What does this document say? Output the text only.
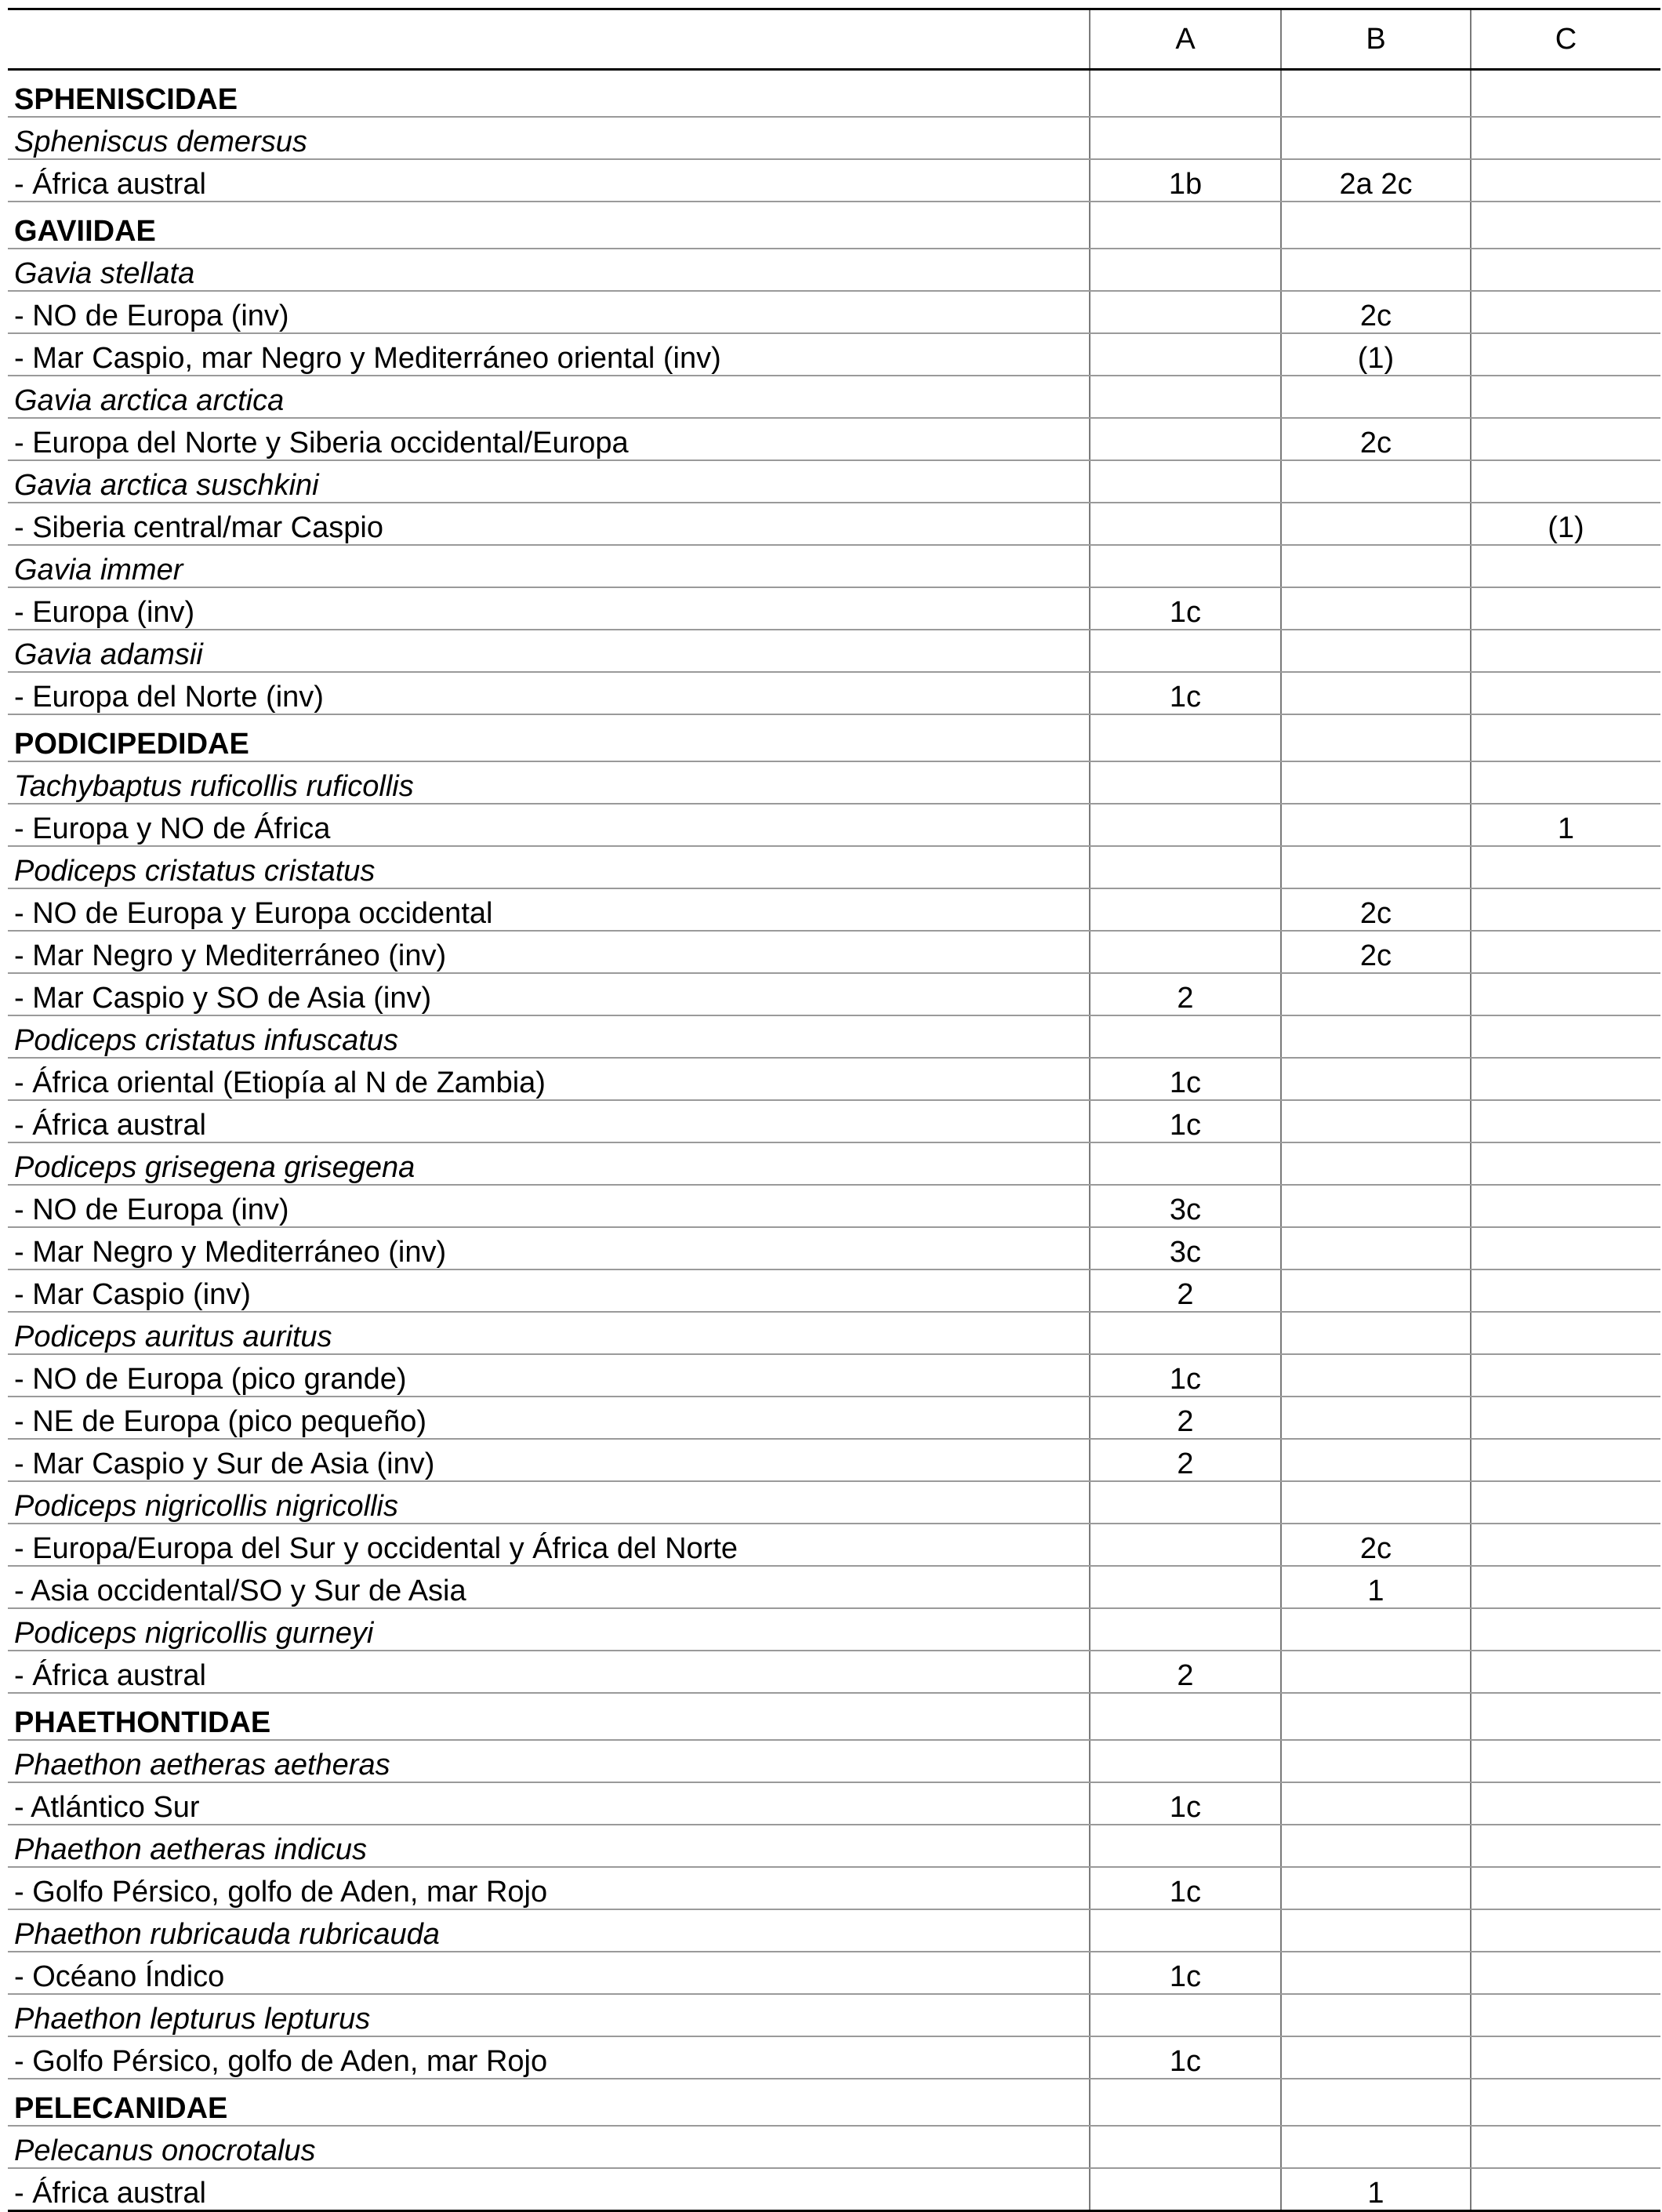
	A	B	C
SPHENISCIDAE			
Spheniscus demersus			
- África austral	1b	2a 2c	
GAVIIDAE			
Gavia stellata			
- NO de Europa (inv)		2c	
- Mar Caspio, mar Negro y Mediterráneo oriental (inv)		(1)	
Gavia arctica arctica			
- Europa del Norte y Siberia occidental/Europa		2c	
Gavia arctica suschkini			
- Siberia central/mar Caspio			(1)
Gavia immer			
- Europa (inv)	1c		
Gavia adamsii			
- Europa del Norte (inv)	1c		
PODICIPEDIDAE			
Tachybaptus ruficollis ruficollis			
- Europa y NO de África			1
Podiceps cristatus cristatus			
- NO de Europa y Europa occidental		2c	
- Mar Negro y Mediterráneo (inv)		2c	
- Mar Caspio y SO de Asia (inv)	2		
Podiceps cristatus infuscatus			
- África oriental (Etiopía al N de Zambia)	1c		
- África austral	1c		
Podiceps grisegena grisegena			
- NO de Europa (inv)	3c		
- Mar Negro y Mediterráneo (inv)	3c		
- Mar Caspio (inv)	2		
Podiceps auritus auritus			
- NO de Europa (pico grande)	1c		
- NE de Europa (pico pequeño)	2		
- Mar Caspio y Sur de Asia (inv)	2		
Podiceps nigricollis nigricollis			
- Europa/Europa del Sur y occidental y África del Norte		2c	
- Asia occidental/SO y Sur de Asia		1	
Podiceps nigricollis gurneyi			
- África austral	2		
PHAETHONTIDAE			
Phaethon aetheras aetheras			
- Atlántico Sur	1c		
Phaethon aetheras indicus			
- Golfo Pérsico, golfo de Aden, mar Rojo	1c		
Phaethon rubricauda rubricauda			
- Océano Índico	1c		
Phaethon lepturus lepturus			
- Golfo Pérsico, golfo de Aden, mar Rojo	1c		
PELECANIDAE			
Pelecanus onocrotalus			
- África austral		1	
